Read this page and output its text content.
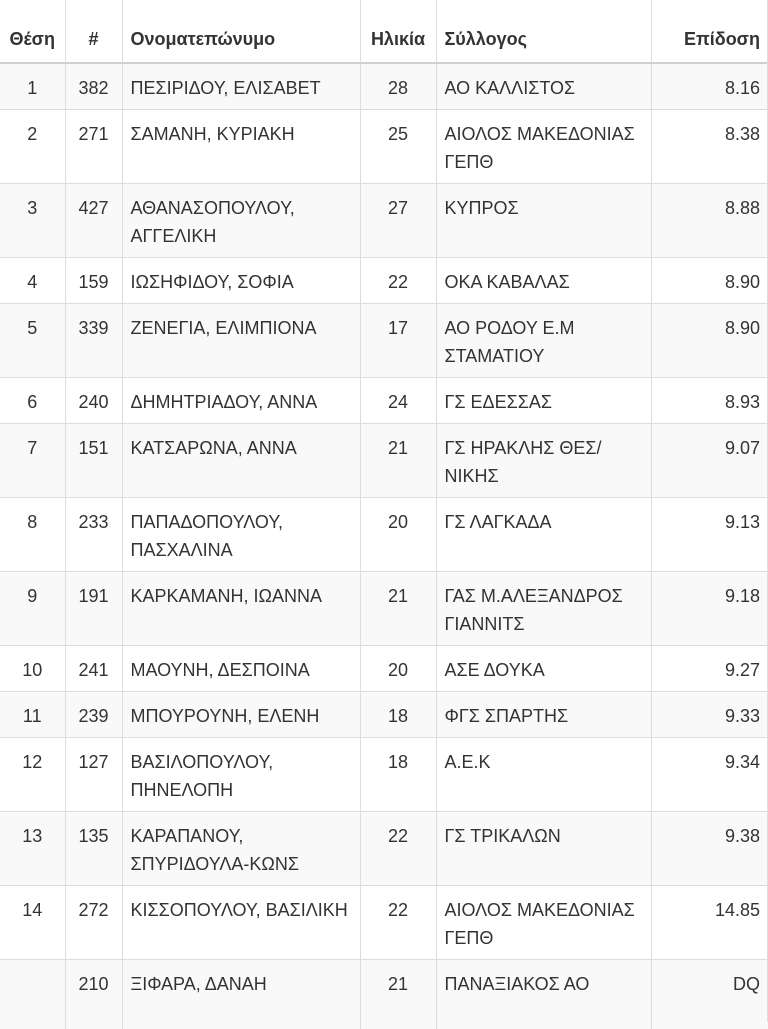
Θέση	#	Ονοματεπώνυμο	Ηλικία	Σύλλογος	Επίδοση
1	382	ΠΕΣΙΡΙΔΟΥ, ΕΛΙΣΑΒΕΤ	28	ΑΟ ΚΑΛΛΙΣΤΟΣ	8.16
2	271	ΣΑΜΑΝΗ, ΚΥΡΙΑΚΗ	25	ΑΙΟΛΟΣ ΜΑΚΕΔΟΝΙΑΣ ΓΕΠΘ	8.38
3	427	ΑΘΑΝΑΣΟΠΟΥΛΟΥ, ΑΓΓΕΛΙΚΗ	27	ΚΥΠΡΟΣ	8.88
4	159	ΙΩΣΗΦΙΔΟΥ, ΣΟΦΙΑ	22	ΟΚΑ ΚΑΒΑΛΑΣ	8.90
5	339	ΖΕΝΕΓΙΑ, ΕΛΙΜΠΙΟΝΑ	17	ΑΟ ΡΟΔΟΥ Ε.Μ ΣΤΑΜΑΤΙΟΥ	8.90
6	240	ΔΗΜΗΤΡΙΑΔΟΥ, ΑΝΝΑ	24	ΓΣ ΕΔΕΣΣΑΣ	8.93
7	151	ΚΑΤΣΑΡΩΝΑ, ΑΝΝΑ	21	ΓΣ ΗΡΑΚΛΗΣ ΘΕΣ/ΝΙΚΗΣ	9.07
8	233	ΠΑΠΑΔΟΠΟΥΛΟΥ, ΠΑΣΧΑΛΙΝΑ	20	ΓΣ ΛΑΓΚΑΔΑ	9.13
9	191	ΚΑΡΚΑΜΑΝΗ, ΙΩΑΝΝΑ	21	ΓΑΣ Μ.ΑΛΕΞΑΝΔΡΟΣ ΓΙΑΝΝΙΤΣ	9.18
10	241	ΜΑΟΥΝΗ, ΔΕΣΠΟΙΝΑ	20	ΑΣΕ ΔΟΥΚΑ	9.27
11	239	ΜΠΟΥΡΟΥΝΗ, ΕΛΕΝΗ	18	ΦΓΣ ΣΠΑΡΤΗΣ	9.33
12	127	ΒΑΣΙΛΟΠΟΥΛΟΥ, ΠΗΝΕΛΟΠΗ	18	Α.Ε.Κ	9.34
13	135	ΚΑΡΑΠΑΝΟΥ, ΣΠΥΡΙΔΟΥΛΑ-ΚΩΝΣ	22	ΓΣ ΤΡΙΚΑΛΩΝ	9.38
14	272	ΚΙΣΣΟΠΟΥΛΟΥ, ΒΑΣΙΛΙΚΗ	22	ΑΙΟΛΟΣ ΜΑΚΕΔΟΝΙΑΣ ΓΕΠΘ	14.85
	210	ΞΙΦΑΡΑ, ΔΑΝΑΗ	21	ΠΑΝΑΞΙΑΚΟΣ ΑΟ	DQ
